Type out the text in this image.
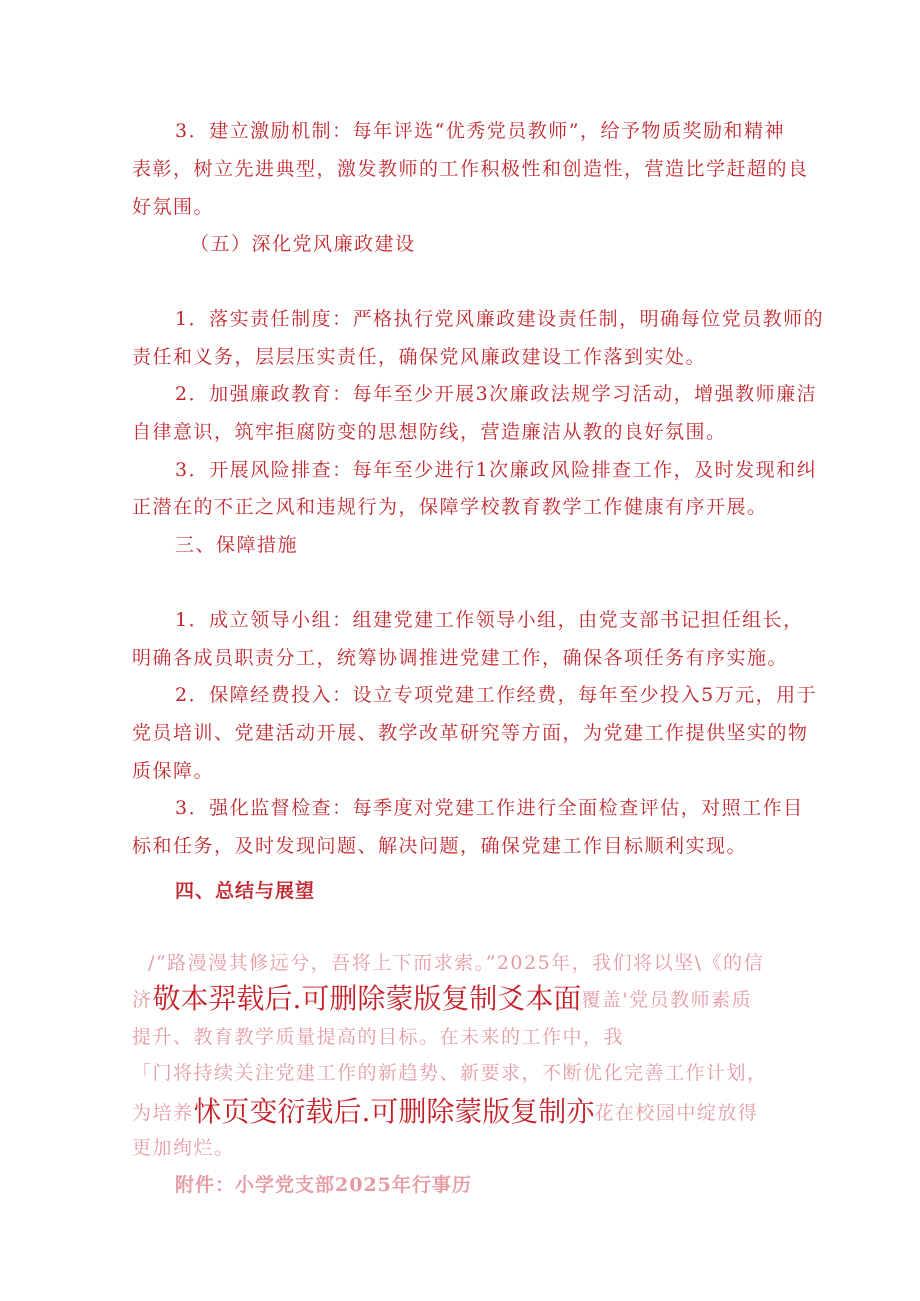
3．建立激励机制：每年评选“优秀党员教师”，给予物质奖励和精神
表彰，树立先进典型，激发教师的工作积极性和创造性，营造比学赶超的良
好氛围。
（五）深化党风廉政建设
1．落实责任制度：严格执行党风廉政建设责任制，明确每位党员教师的
责任和义务，层层压实责任，确保党风廉政建设工作落到实处。
2．加强廉政教育：每年至少开展3次廉政法规学习活动，增强教师廉洁
自律意识，筑牢拒腐防变的思想防线，营造廉洁从教的良好氛围。
3．开展风险排查：每年至少进行1次廉政风险排查工作，及时发现和纠
正潜在的不正之风和违规行为，保障学校教育教学工作健康有序开展。
三、保障措施
1．成立领导小组：组建党建工作领导小组，由党支部书记担任组长，
明确各成员职责分工，统筹协调推进党建工作，确保各项任务有序实施。
2．保障经费投入：设立专项党建工作经费，每年至少投入5万元，用于
党员培训、党建活动开展、教学改革研究等方面，为党建工作提供坚实的物
质保障。
3．强化监督检查：每季度对党建工作进行全面检查评估，对照工作目
标和任务，及时发现问题、解决问题，确保党建工作目标顺利实现。
四、总结与展望
/“路漫漫其修远兮，吾将上下而求索。”2025年，我们将以坚\《的信
济敬本羿载后.可删除蒙版复制爻本面覆盖'党员教师素质
提升、教育教学质量提高的目标。在未来的工作中，我
「门将持续关注党建工作的新趋势、新要求，不断优化完善工作计划，
为培养怵页变衍载后.可删除蒙版复制亦花在校园中绽放得
更加绚烂。
附件：小学党支部2025年行事历
